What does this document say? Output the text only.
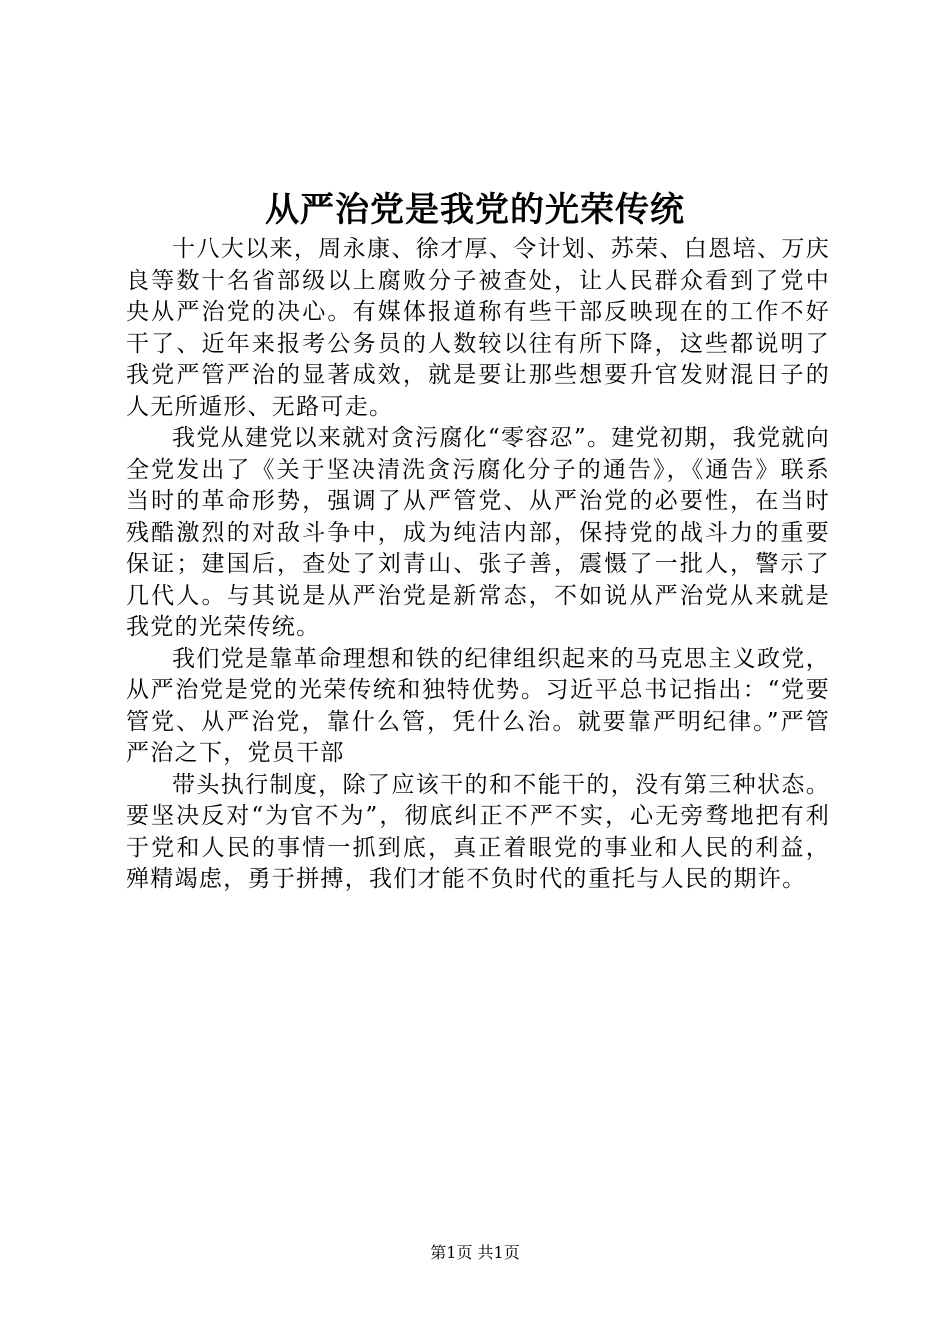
从严治党是我党的光荣传统

十八大以来，周永康、徐才厚、令计划、苏荣、白恩培、万庆良等数十名省部级以上腐败分子被查处，让人民群众看到了党中央从严治党的决心。有媒体报道称有些干部反映现在的工作不好干了、近年来报考公务员的人数较以往有所下降，这些都说明了我党严管严治的显著成效，就是要让那些想要升官发财混日子的人无所遁形、无路可走。

我党从建党以来就对贪污腐化“零容忍”。建党初期，我党就向全党发出了《关于坚决清洗贪污腐化分子的通告》，《通告》联系当时的革命形势，强调了从严管党、从严治党的必要性，在当时残酷激烈的对敌斗争中，成为纯洁内部，保持党的战斗力的重要保证；建国后，查处了刘青山、张子善，震慑了一批人，警示了几代人。与其说是从严治党是新常态，不如说从严治党从来就是我党的光荣传统。

我们党是靠革命理想和铁的纪律组织起来的马克思主义政党，从严治党是党的光荣传统和独特优势。习近平总书记指出：“党要管党、从严治党，靠什么管，凭什么治。就要靠严明纪律。”严管严治之下，党员干部

带头执行制度，除了应该干的和不能干的，没有第三种状态。要坚决反对“为官不为”，彻底纠正不严不实，心无旁骛地把有利于党和人民的事情一抓到底，真正着眼党的事业和人民的利益，殚精竭虑，勇于拼搏，我们才能不负时代的重托与人民的期许。

第1页 共1页
